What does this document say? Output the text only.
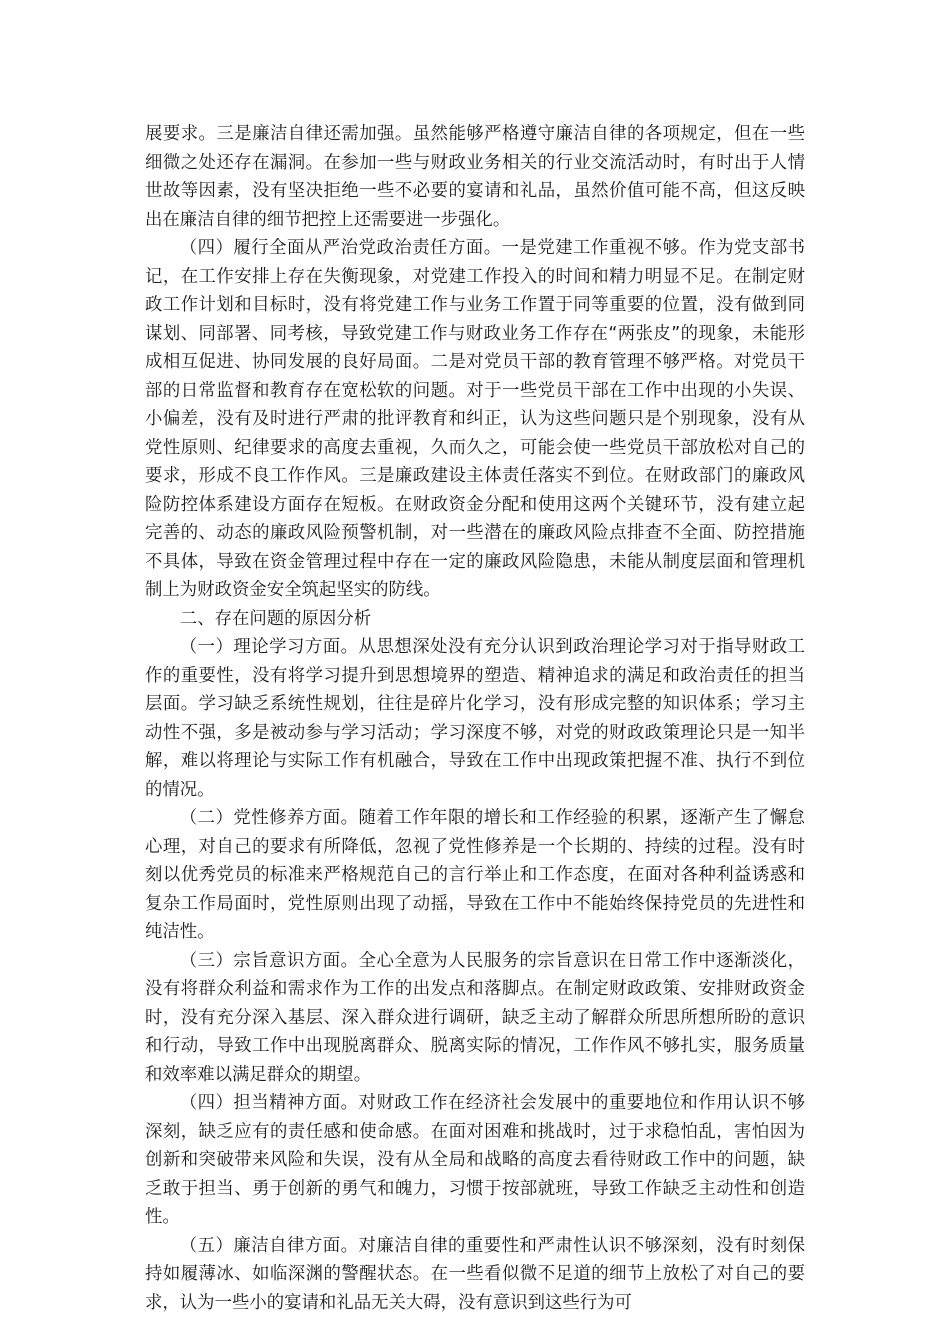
展要求。三是廉洁自律还需加强。虽然能够严格遵守廉洁自律的各项规定，但在一些细微之处还存在漏洞。在参加一些与财政业务相关的行业交流活动时，有时出于人情世故等因素，没有坚决拒绝一些不必要的宴请和礼品，虽然价值可能不高，但这反映出在廉洁自律的细节把控上还需要进一步强化。

（四）履行全面从严治党政治责任方面。一是党建工作重视不够。作为党支部书记，在工作安排上存在失衡现象，对党建工作投入的时间和精力明显不足。在制定财政工作计划和目标时，没有将党建工作与业务工作置于同等重要的位置，没有做到同谋划、同部署、同考核，导致党建工作与财政业务工作存在“两张皮”的现象，未能形成相互促进、协同发展的良好局面。二是对党员干部的教育管理不够严格。对党员干部的日常监督和教育存在宽松软的问题。对于一些党员干部在工作中出现的小失误、小偏差，没有及时进行严肃的批评教育和纠正，认为这些问题只是个别现象，没有从党性原则、纪律要求的高度去重视，久而久之，可能会使一些党员干部放松对自己的要求，形成不良工作作风。三是廉政建设主体责任落实不到位。在财政部门的廉政风险防控体系建设方面存在短板。在财政资金分配和使用这两个关键环节，没有建立起完善的、动态的廉政风险预警机制，对一些潜在的廉政风险点排查不全面、防控措施不具体，导致在资金管理过程中存在一定的廉政风险隐患，未能从制度层面和管理机制上为财政资金安全筑起坚实的防线。

二、存在问题的原因分析

（一）理论学习方面。从思想深处没有充分认识到政治理论学习对于指导财政工作的重要性，没有将学习提升到思想境界的塑造、精神追求的满足和政治责任的担当层面。学习缺乏系统性规划，往往是碎片化学习，没有形成完整的知识体系；学习主动性不强，多是被动参与学习活动；学习深度不够，对党的财政政策理论只是一知半解，难以将理论与实际工作有机融合，导致在工作中出现政策把握不准、执行不到位的情况。

（二）党性修养方面。随着工作年限的增长和工作经验的积累，逐渐产生了懈怠心理，对自己的要求有所降低，忽视了党性修养是一个长期的、持续的过程。没有时刻以优秀党员的标准来严格规范自己的言行举止和工作态度，在面对各种利益诱惑和复杂工作局面时，党性原则出现了动摇，导致在工作中不能始终保持党员的先进性和纯洁性。

（三）宗旨意识方面。全心全意为人民服务的宗旨意识在日常工作中逐渐淡化，没有将群众利益和需求作为工作的出发点和落脚点。在制定财政政策、安排财政资金时，没有充分深入基层、深入群众进行调研，缺乏主动了解群众所思所想所盼的意识和行动，导致工作中出现脱离群众、脱离实际的情况，工作作风不够扎实，服务质量和效率难以满足群众的期望。

（四）担当精神方面。对财政工作在经济社会发展中的重要地位和作用认识不够深刻，缺乏应有的责任感和使命感。在面对困难和挑战时，过于求稳怕乱，害怕因为创新和突破带来风险和失误，没有从全局和战略的高度去看待财政工作中的问题，缺乏敢于担当、勇于创新的勇气和魄力，习惯于按部就班，导致工作缺乏主动性和创造性。

（五）廉洁自律方面。对廉洁自律的重要性和严肃性认识不够深刻，没有时刻保持如履薄冰、如临深渊的警醒状态。在一些看似微不足道的细节上放松了对自己的要求，认为一些小的宴请和礼品无关大碍，没有意识到这些行为可
